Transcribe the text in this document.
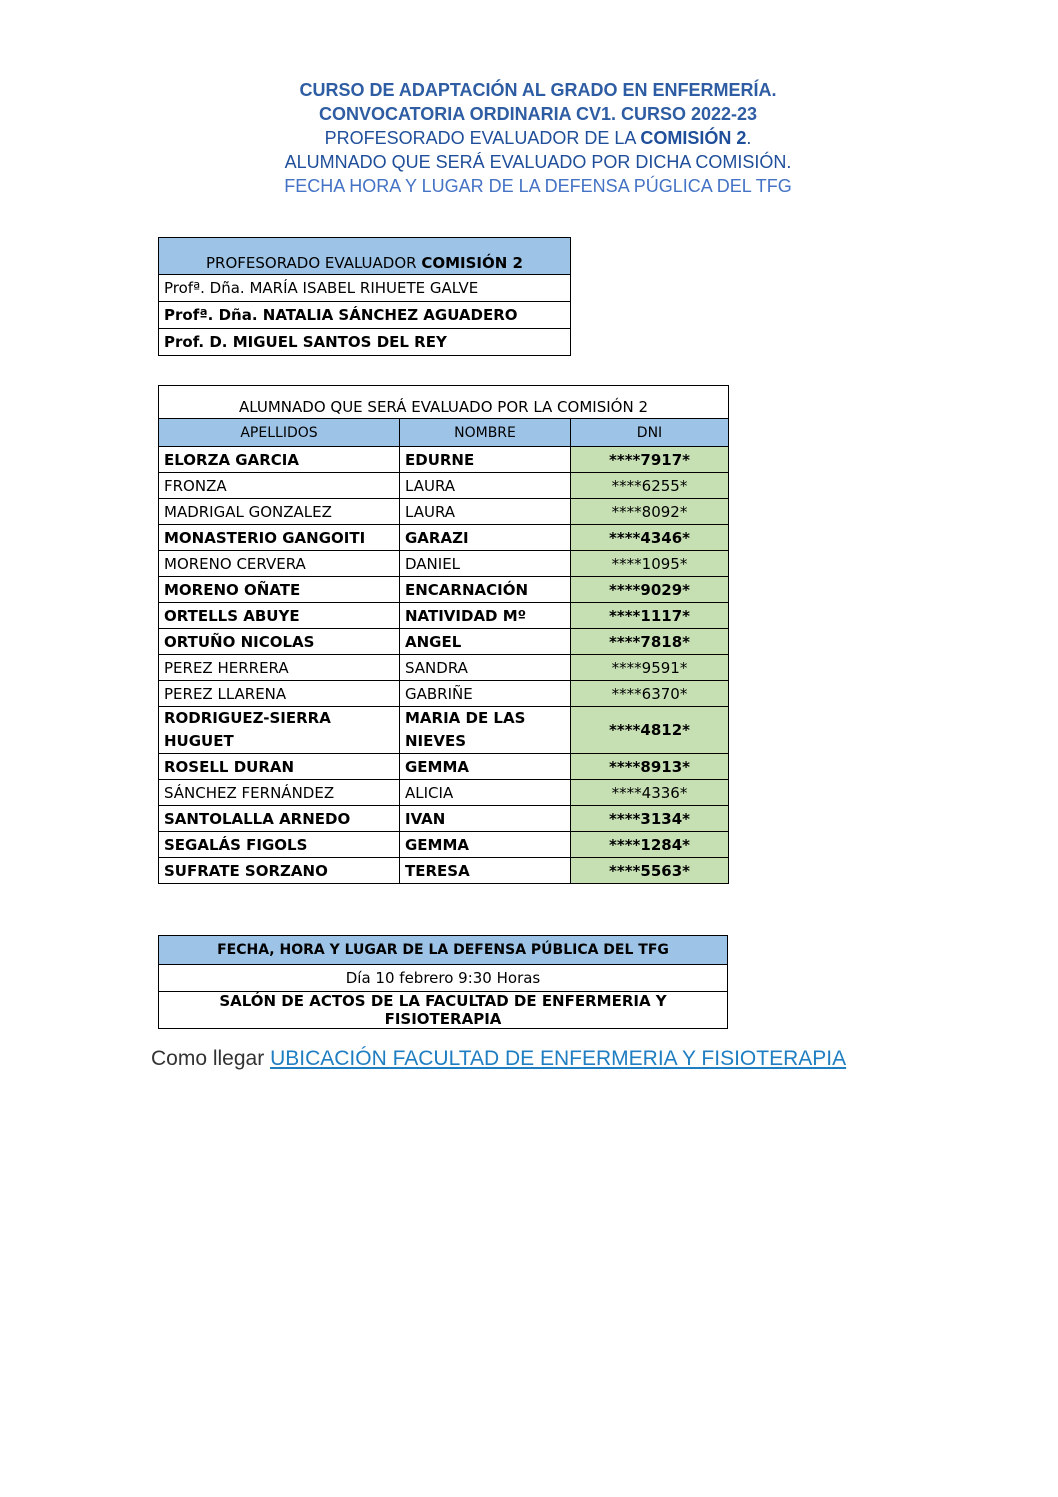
CURSO DE ADAPTACIÓN AL GRADO EN ENFERMERÍA.
CONVOCATORIA ORDINARIA CV1. CURSO 2022-23
PROFESORADO EVALUADOR DE LA COMISIÓN 2.
ALUMNADO QUE SERÁ EVALUADO POR DICHA COMISIÓN.
FECHA HORA Y LUGAR DE LA DEFENSA PÚGLICA DEL TFG
PROFESORADO EVALUADOR COMISIÓN 2
Profª. Dña. MARÍA ISABEL RIHUETE GALVE
Profª. Dña. NATALIA SÁNCHEZ AGUADERO
Prof. D. MIGUEL SANTOS DEL REY
ALUMNADO QUE SERÁ EVALUADO POR LA COMISIÓN 2		
APELLIDOS	NOMBRE	DNI
ELORZA GARCIA	EDURNE	****7917*
FRONZA	LAURA	****6255*
MADRIGAL GONZALEZ	LAURA	****8092*
MONASTERIO GANGOITI	GARAZI	****4346*
MORENO CERVERA	DANIEL	****1095*
MORENO OÑATE	ENCARNACIÓN	****9029*
ORTELLS ABUYE	NATIVIDAD Mº	****1117*
ORTUÑO NICOLAS	ANGEL	****7818*
PEREZ HERRERA	SANDRA	****9591*
PEREZ LLARENA	GABRIÑE	****6370*
RODRIGUEZ-SIERRA HUGUET	MARIA DE LAS NIEVES	****4812*
ROSELL DURAN	GEMMA	****8913*
SÁNCHEZ FERNÁNDEZ	ALICIA	****4336*
SANTOLALLA ARNEDO	IVAN	****3134*
SEGALÁS FIGOLS	GEMMA	****1284*
SUFRATE SORZANO	TERESA	****5563*
FECHA, HORA Y LUGAR DE LA DEFENSA PÚBLICA DEL TFG
Día 10 febrero 9:30 Horas
SALÓN DE ACTOS DE LA FACULTAD DE ENFERMERIA Y FISIOTERAPIA
Como llegar UBICACIÓN FACULTAD DE ENFERMERIA Y FISIOTERAPIA
